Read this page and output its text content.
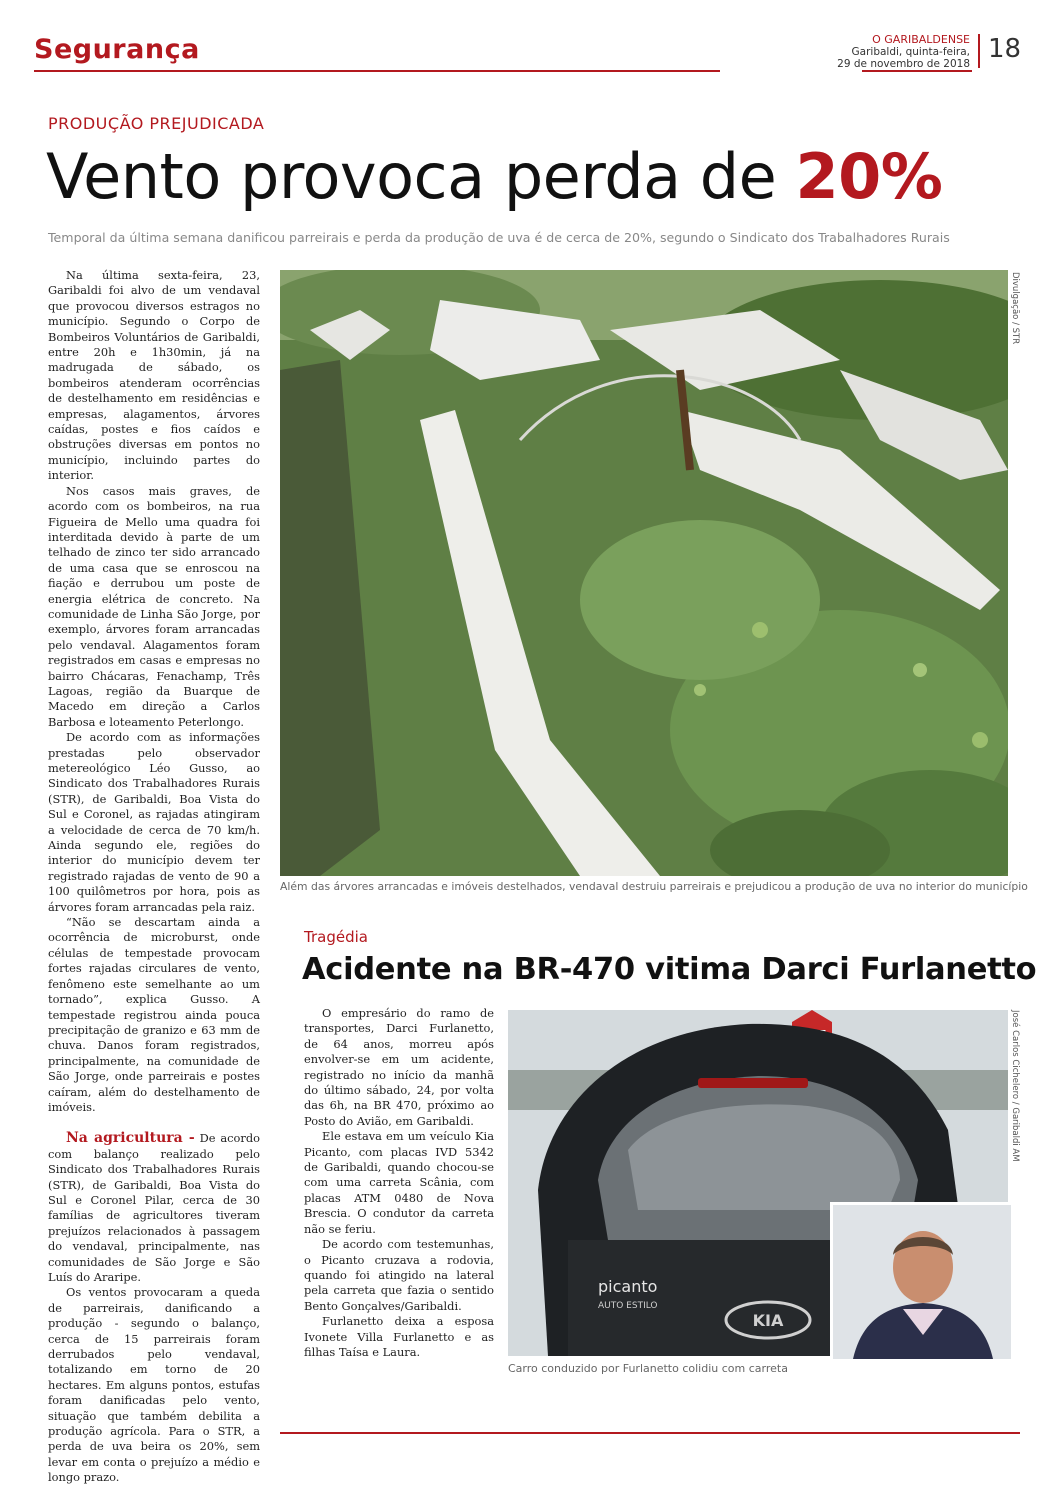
Segurança	O GARIBALDENSE
Garibaldi, quinta-feira,
29 de novembro de 2018 18
PRODUÇÃO PREJUDICADA
Vento provoca perda de 20%
Temporal da última semana danificou parreirais e perda da produção de uva é de cerca de 20%, segundo o Sindicato dos Trabalhadores Rurais

Na última sexta-feira, 23, Garibaldi foi alvo de um vendaval que provocou diversos estragos no município. Segundo o Corpo de Bombeiros Voluntários de Garibaldi, entre 20h e 1h30min, já na madrugada de sábado, os bombeiros atenderam ocorrências de destelhamento em residências e empresas, alagamentos, árvores caídas, postes e fios caídos e obstruções diversas em pontos no município, incluindo partes do interior.

Nos casos mais graves, de acordo com os bombeiros, na rua Figueira de Mello uma quadra foi interditada devido à parte de um telhado de zinco ter sido arrancado de uma casa que se enroscou na fiação e derrubou um poste de energia elétrica de concreto. Na comunidade de Linha São Jorge, por exemplo, árvores foram arrancadas pelo vendaval. Alagamentos foram registrados em casas e empresas no bairro Chácaras, Fenachamp, Três Lagoas, região da Buarque de Macedo em direção a Carlos Barbosa e loteamento Peterlongo.

De acordo com as informações prestadas pelo observador metereológico Léo Gusso, ao Sindicato dos Trabalhadores Rurais (STR), de Garibaldi, Boa Vista do Sul e Coronel, as rajadas atingiram a velocidade de cerca de 70 km/h. Ainda segundo ele, regiões do interior do município devem ter registrado rajadas de vento de 90 a 100 quilômetros por hora, pois as árvores foram arrancadas pela raiz.

“Não se descartam ainda a ocorrência de microburst, onde células de tempestade provocam fortes rajadas circulares de vento, fenômeno este semelhante ao um tornado”, explica Gusso. A tempestade registrou ainda pouca precipitação de granizo e 63 mm de chuva. Danos foram registrados, principalmente, na comunidade de São Jorge, onde parreirais e postes caíram, além do destelhamento de imóveis.

Na agricultura - De acordo com balanço realizado pelo Sindicato dos Trabalhadores Rurais (STR), de Garibaldi, Boa Vista do Sul e Coronel Pilar, cerca de 30 famílias de agricultores tiveram prejuízos relacionados à passagem do vendaval, principalmente, nas comunidades de São Jorge e São Luís do Araripe.

Os ventos provocaram a queda de parreirais, danificando a produção - segundo o balanço, cerca de 15 parreirais foram derrubados pelo vendaval, totalizando em torno de 20 hectares. Em alguns pontos, estufas foram danificadas pelo vento, situação que também debilita a produção agrícola. Para o STR, a perda de uva beira os 20%, sem levar em conta o prejuízo a médio e longo prazo.

Divulgação / STR
Além das árvores arrancadas e imóveis destelhados, vendaval destruiu parreirais e prejudicou a produção de uva no interior do município
Tragédia
Acidente na BR-470 vitima Darci Furlanetto

O empresário do ramo de transportes, Darci Furlanetto, de 64 anos, morreu após envolver-se em um acidente, registrado no início da manhã do último sábado, 24, por volta das 6h, na BR 470, próximo ao Posto do Avião, em Garibaldi.

Ele estava em um veículo Kia Picanto, com placas IVD 5342 de Garibaldi, quando chocou-se com uma carreta Scânia, com placas ATM 0480 de Nova Brescia. O condutor da carreta não se feriu.

De acordo com testemunhas, o Picanto cruzava a rodovia, quando foi atingido na lateral pela carreta que fazia o sentido Bento Gonçalves/Garibaldi.

Furlanetto deixa a esposa Ivonete Villa Furlanetto e as filhas Taísa e Laura.

picanto
AUTO ESTILO
KIA
José Carlos Cichelero / Garibaldi AM
Carro conduzido por Furlanetto colidiu com carreta
